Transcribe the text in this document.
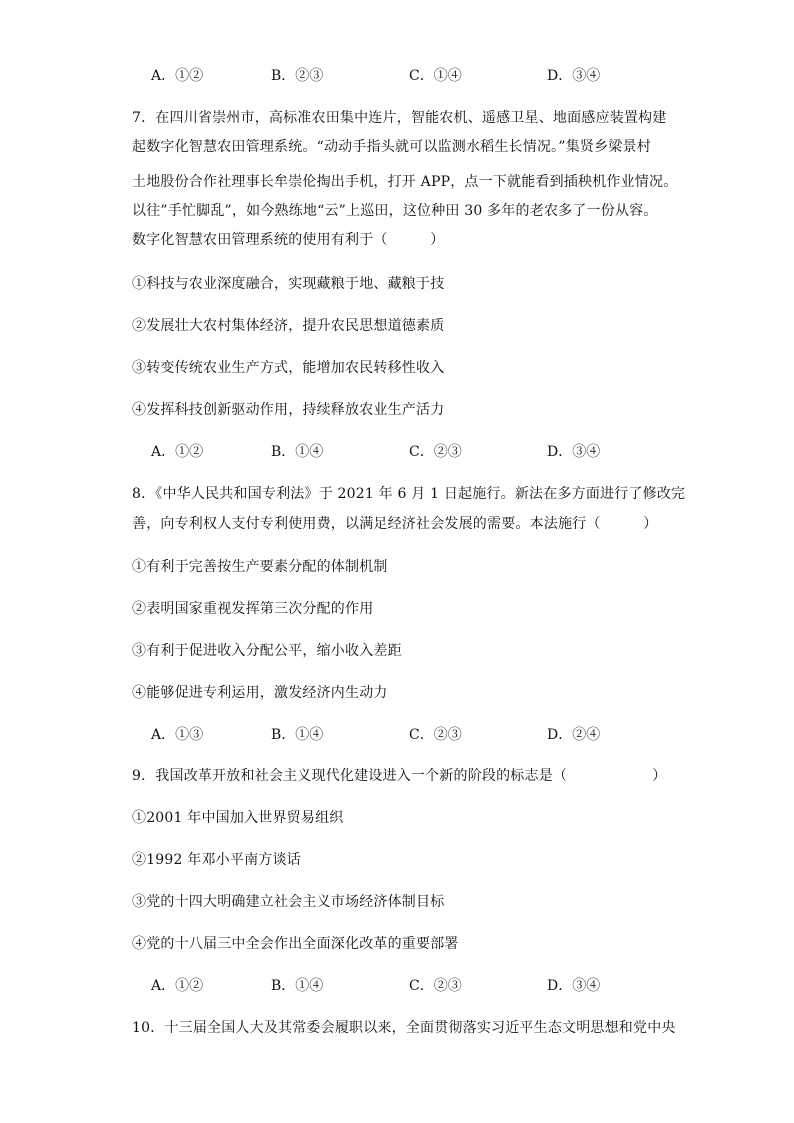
A．①②	B．②③	C．①④	D．③④
7．在四川省崇州市，高标准农田集中连片，智能农机、遥感卫星、地面感应装置构建
起数字化智慧农田管理系统。“动动手指头就可以监测水稻生长情况。”集贤乡梁景村
土地股份合作社理事长牟崇伦掏出手机，打开 APP，点一下就能看到插秧机作业情况。
以往”手忙脚乱”，如今熟练地“云”上巡田，这位种田 30 多年的老农多了一份从容。
数字化智慧农田管理系统的使用有利于（　　　）
①科技与农业深度融合，实现藏粮于地、藏粮于技
②发展壮大农村集体经济，提升农民思想道德素质
③转变传统农业生产方式，能增加农民转移性收入
④发挥科技创新驱动作用，持续释放农业生产活力
A．①②	B．①④	C．②③	D．③④
8．《中华人民共和国专利法》于 2021 年 6 月 1 日起施行。新法在多方面进行了修改完
善，向专利权人支付专利使用费，以满足经济社会发展的需要。本法施行（　　　）
①有利于完善按生产要素分配的体制机制
②表明国家重视发挥第三次分配的作用
③有利于促进收入分配公平，缩小收入差距
④能够促进专利运用，激发经济内生动力
A．①③	B．①④	C．②③	D．②④
9．我国改革开放和社会主义现代化建设进入一个新的阶段的标志是（　　　　　　）
①2001 年中国加入世界贸易组织
②1992 年邓小平南方谈话
③党的十四大明确建立社会主义市场经济体制目标
④党的十八届三中全会作出全面深化改革的重要部署
A．①②	B．①④	C．②③	D．③④
10．十三届全国人大及其常委会履职以来，全面贯彻落实习近平生态文明思想和党中央
